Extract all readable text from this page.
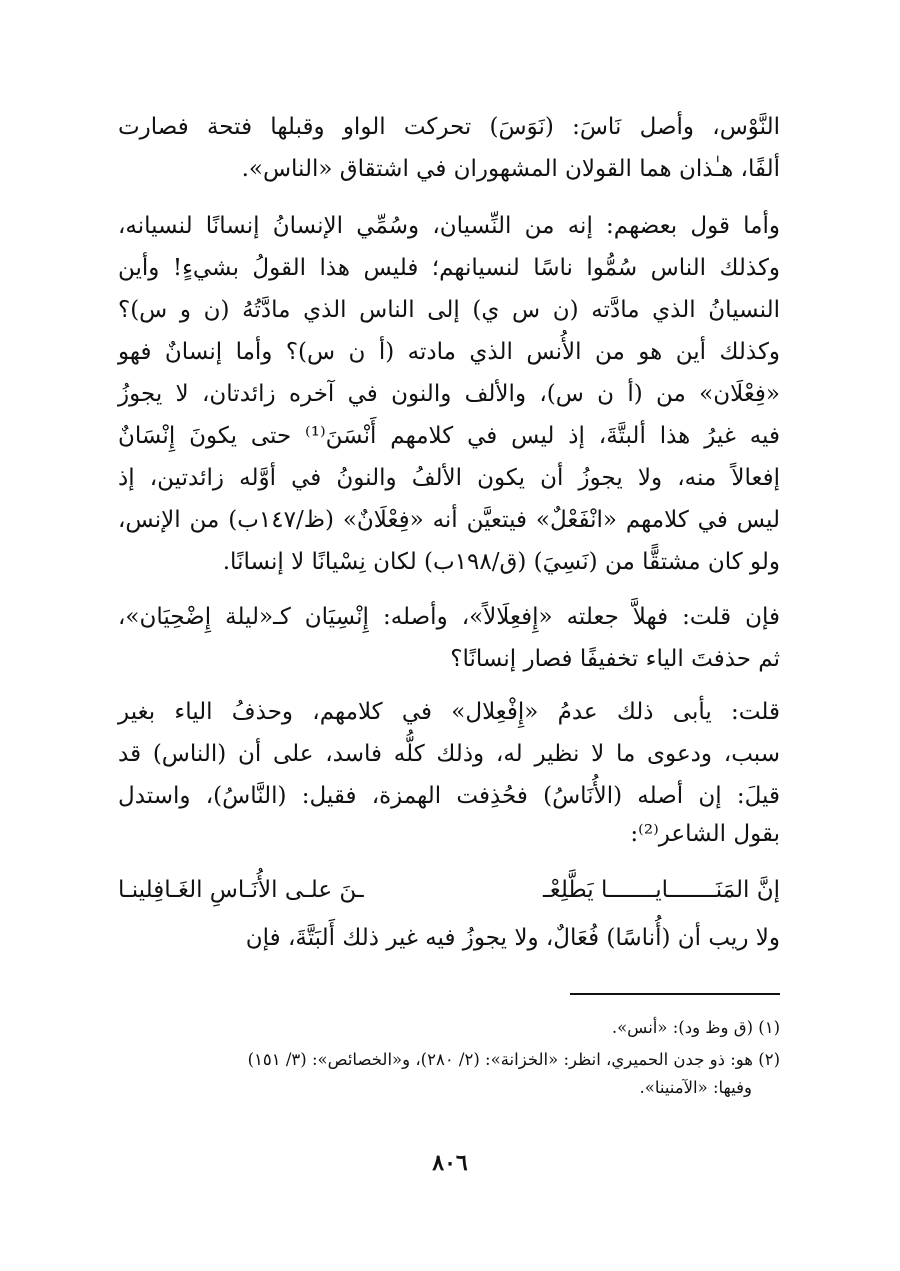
النَّوْس، وأصل نَاسَ: (نَوَسَ) تحركت الواو وقبلها فتحة فصارت
ألفًا، هـٰذان هما القولان المشهوران في اشتقاق «الناس».
وأما قول بعضهم: إنه من النِّسيان، وسُمِّي الإنسانُ إنسانًا لنسيانه،
وكذلك الناس سُمُّوا ناسًا لنسيانهم؛ فليس هذا القولُ بشيءٍ! وأين
النسيانُ الذي مادَّته (ن س ي) إلى الناس الذي مادَّتُهُ (ن و س)؟
وكذلك أين هو من الأُنس الذي مادته (أ ن س)؟ وأما إنسانٌ فهو
«فِعْلَان» من (أ ن س)، والألف والنون في آخره زائدتان، لا يجوزُ
فيه غيرُ هذا ألبتَّةَ، إذ ليس في كلامهم أَنْسَنَ⁽¹⁾ حتى يكونَ إِنْسَانٌ
إفعالاً منه، ولا يجوزُ أن يكون الألفُ والنونُ في أوَّله زائدتين، إذ
ليس في كلامهم «انْفَعْلٌ» فيتعيَّن أنه «فِعْلَانٌ» (ظ/١٤٧ب) من الإنس،
ولو كان مشتقًّا من (نَسِيَ) (ق/١٩٨ب) لكان نِسْيانًا لا إنسانًا.
فإن قلت: فهلاَّ جعلته «إِفعِلَالاً»، وأصله: إِنْسِيَان كـ«ليلة إِضْحِيَان»،
ثم حذفتَ الياء تخفيفًا فصار إنسانًا؟
قلت: يأبى ذلك عدمُ «إِفْعِلال» في كلامهم، وحذفُ الياء بغير
سبب، ودعوى ما لا نظير له، وذلك كلُّه فاسد، على أن (الناس) قد
قيلَ: إن أصله (الأُنَاسُ) فحُذِفت الهمزة، فقيل: (النَّاسُ)، واستدل
بقول الشاعر⁽²⁾:
إنَّ المَنَـــــــايـــــــا يَطَّلِعْـ
ـنَ علـى الأُنَـاسِ الغَـافِلينـا
ولا ريب أن (أُناسًا) فُعَالٌ، ولا يجوزُ فيه غير ذلك أَلبَتَّةَ، فإن
(١) (ق وظ ود): «أنس».
(٢) هو: ذو جدن الحميري، انظر: «الخزانة»: (٢/ ٢٨٠)، و«الخصائص»: (٣/ ١٥١)
وفيها: «الآمنينا».
٨٠٦
